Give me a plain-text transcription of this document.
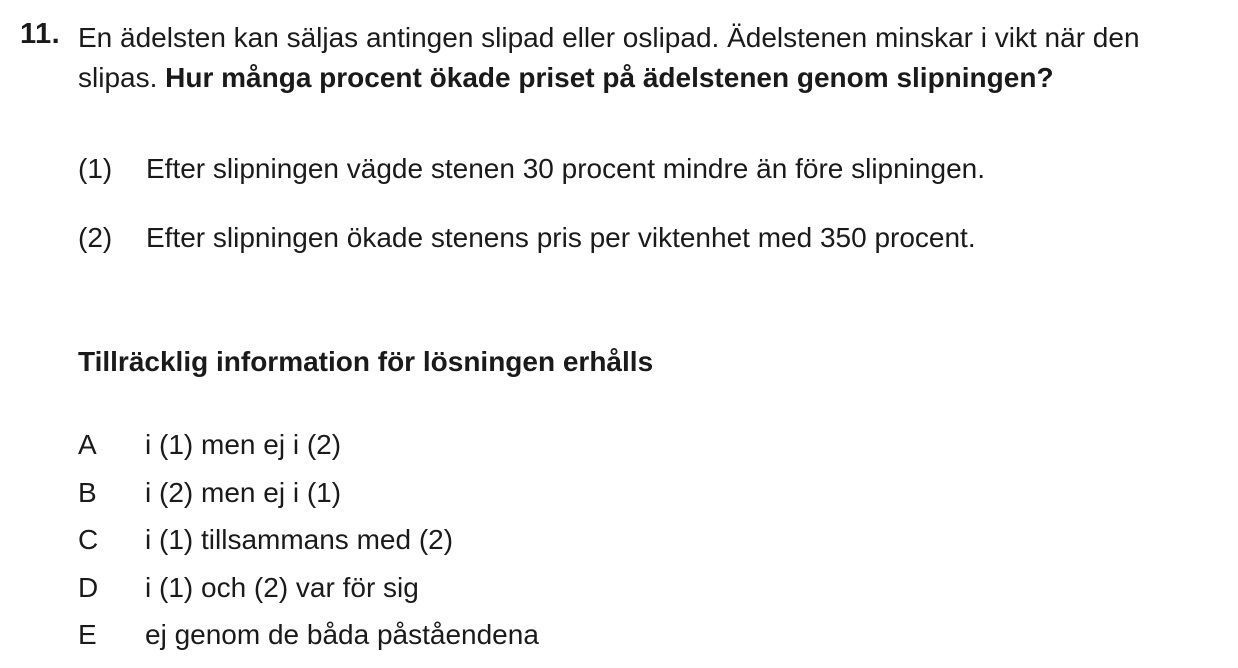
11. En ädelsten kan säljas antingen slipad eller oslipad. Ädelstenen minskar i vikt när den
slipas. Hur många procent ökade priset på ädelstenen genom slipningen?
(1)	Efter slipningen vägde stenen 30 procent mindre än före slipningen.
(2)	Efter slipningen ökade stenens pris per viktenhet med 350 procent.
Tillräcklig information för lösningen erhålls
A	i (1) men ej i (2)
B	i (2) men ej i (1)
C	i (1) tillsammans med (2)
D	i (1) och (2) var för sig
E	ej genom de båda påståendena
